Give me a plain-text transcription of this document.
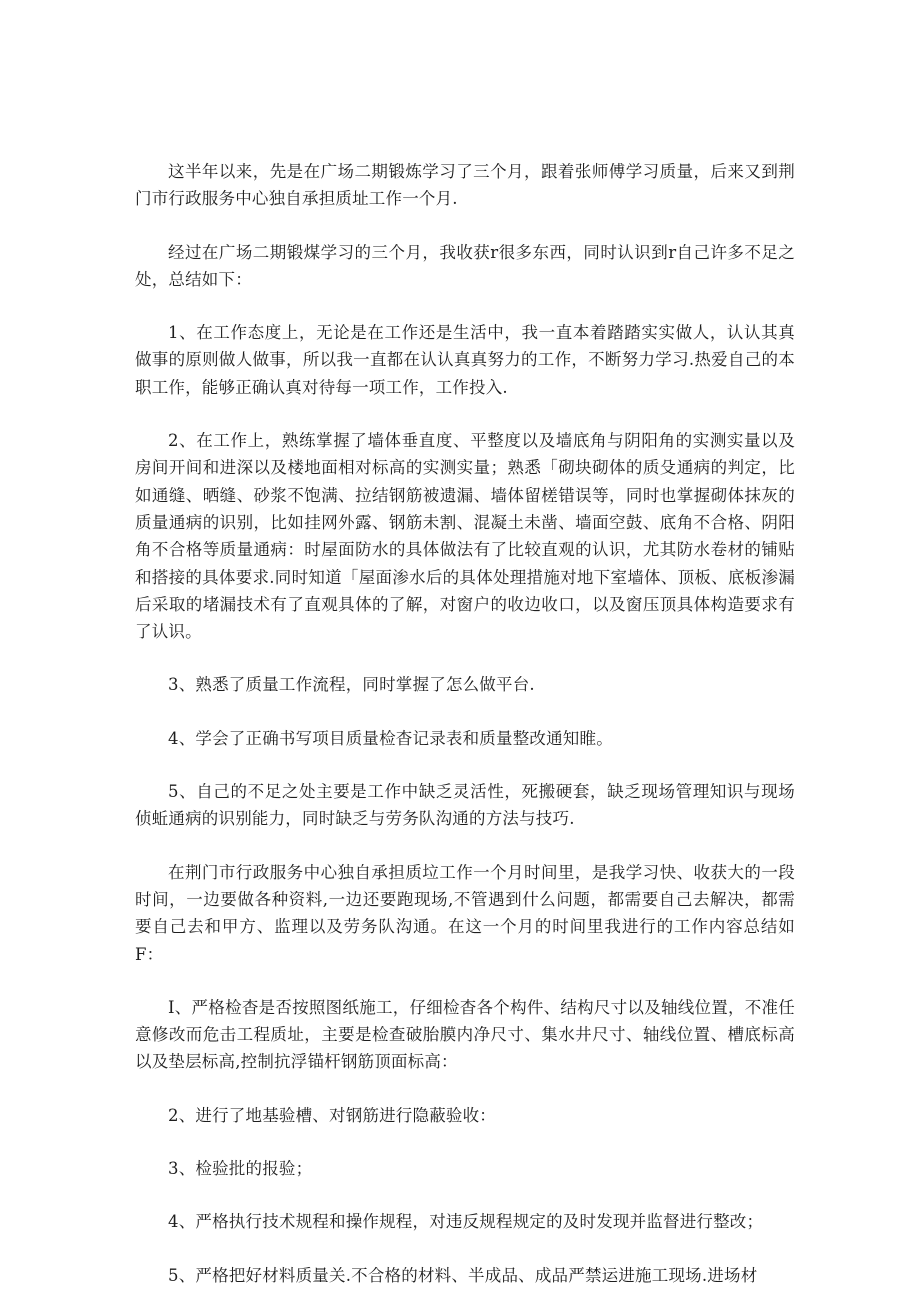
这半年以来，先是在广场二期锻炼学习了三个月，跟着张师傅学习质量，后来又到荆门市行政服务中心独自承担质址工作一个月.

经过在广场二期锻煤学习的三个月，我收获r很多东西，同时认识到r自己许多不足之处，总结如下：

1、在工作态度上，无论是在工作还是生活中，我一直本着踏踏实实做人，认认其真做事的原则做人做事，所以我一直都在认认真真努力的工作，不断努力学习.热爱自己的本职工作，能够正确认真对待每一项工作，工作投入.

2、在工作上，熟练掌握了墙体垂直度、平整度以及墙底角与阴阳角的实测实量以及房间开间和进深以及楼地面相对标高的实测实量；熟悉「砌块砌体的质殳通病的判定，比如通缝、晒缝、砂浆不饱满、拉结钢筋被遗漏、墙体留槎错误等，同时也掌握砌体抹灰的质量通病的识别，比如挂网外露、钢筋未割、混凝土未凿、墙面空鼓、底角不合格、阴阳角不合格等质量通病：时屋面防水的具体做法有了比较直观的认识，尤其防水卷材的铺贴和搭接的具体要求.同时知道「屋面渗水后的具体处理措施对地下室墙体、顶板、底板渗漏后采取的堵漏技术有了直观具体的了解，对窗户的收边收口，以及窗压顶具体构造要求有了认识。

3、熟悉了质量工作流程，同时掌握了怎么做平台.

4、学会了正确书写项目质量检杳记录表和质量整改通知睢。

5、自己的不足之处主要是工作中缺乏灵活性，死搬硬套，缺乏现场管理知识与现场侦蚯通病的识别能力，同时缺乏与劳务队沟通的方法与技巧.

在荆门市行政服务中心独自承担质垃工作一个月时间里，是我学习快、收获大的一段时间，一边要做各种资料,一边还要跑现场,不管遇到什么问题，都需要自己去解决，都需要自己去和甲方、监理以及劳务队沟通。在这一个月的时间里我进行的工作内容总结如F：

I、严格检杳是否按照图纸施工，仔细检杳各个构件、结构尺寸以及轴线位置，不准任意修改而危击工程质址，主要是检查破胎膜内净尺寸、集水井尺寸、轴线位置、槽底标高以及垫层标高,控制抗浮锚杆钢筋顶面标高：

2、进行了地基验槽、对钢筋进行隐蔽验收：

3、检验批的报验；

4、严格执行技术规程和操作规程，对违反规程规定的及时发现并监督进行整改；

5、严格把好材料质量关.不合格的材料、半成品、成品严禁运进施工现场.进场材
